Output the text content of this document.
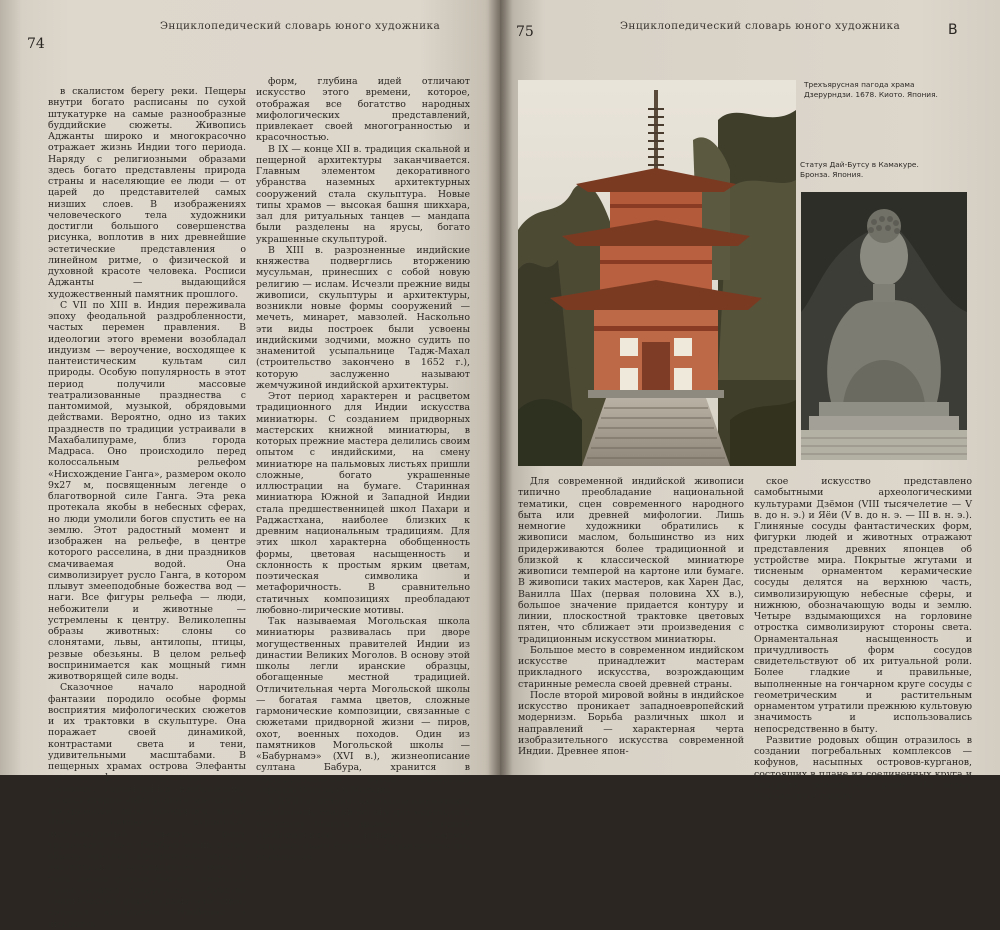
74
Энциклопедический словарь юного художника

в скалистом берегу реки. Пещеры внутри богато расписаны по сухой штукатурке на самые разнообразные буддийские сюжеты. Живопись Аджанты широко и многокрасочно отражает жизнь Индии того периода. Наряду с религиозными образами здесь богато представлены природа страны и населяющие ее люди — от царей до представителей самых низших слоев. В изображениях человеческого тела художники достигли большого совершенства рисунка, воплотив в них древнейшие эстетические представления о линейном ритме, о физической и духовной красоте человека. Росписи Аджанты — выдающийся художественный памятник прошлого.

С VII по XIII в. Индия переживала эпоху феодальной раздробленности, частых перемен правления. В идеологии этого времени возобладал индуизм — вероучение, восходящее к пантеистическим культам сил природы. Особую популярность в этот период получили массовые театрализованные празднества с пантомимой, музыкой, обрядовыми действами. Вероятно, одно из таких празднеств по традиции устраивали в Махабалипураме, близ города Мадраса. Оно происходило перед колоссальным рельефом «Нисхождение Ганга», размером около 9х27 м, посвященным легенде о благотворной силе Ганга. Эта река протекала якобы в небесных сферах, но люди умолили богов спустить ее на землю. Этот радостный момент и изображен на рельефе, в центре которого расселина, в дни праздников смачиваемая водой. Она символизирует русло Ганга, в котором плывут змееподобные божества вод — наги. Все фигуры рельефа — люди, небожители и животные — устремлены к центру. Великолепны образы животных: слоны со слонятами, львы, антилопы, птицы, резвые обезьяны. В целом рельеф воспринимается как мощный гимн животворящей силе воды.

Сказочное начало народной фантазии породило особые формы восприятия мифологических сюжетов и их трактовки в скульптуре. Она поражает своей динамикой, контрастами света и тени, удивительными масштабами. В пещерных храмах острова Элефанты при свете факелов скульптуры словно оживают: горельефные изображения со всех сторон «обступают» зрителя. В центральном зале пещерного храма Шивы находится огромный, шестиметровый высоты бюст трехликого бога. Особую мощь этому образу придают контрастные народы, диагонально пересекающие лицо. В этих жилах словно бьется каменный пульс колосса. Вокруг него — буйство пластических форм, драматизм сцен, сильных контрастов. Изобилие и щедрость

форм, глубина идей отличают искусство этого времени, которое, отображая все богатство народных мифологических представлений, привлекает своей многогранностью и красочностью.

В IX — конце XII в. традиция скальной и пещерной архитектуры заканчивается. Главным элементом декоративного убранства наземных архитектурных сооружений стала скульптура. Новые типы храмов — высокая башня шикхара, зал для ритуальных танцев — мандапа были разделены на ярусы, богато украшенные скульптурой.

В XIII в. разрозненные индийские княжества подверглись вторжению мусульман, принесших с собой новую религию — ислам. Исчезли прежние виды живописи, скульптуры и архитектуры, возникли новые формы сооружений — мечеть, минарет, мавзолей. Наскольно эти виды построек были усвоены индийскими зодчими, можно судить по знаменитой усыпальнице Тадж-Махал (строительство закончено в 1652 г.), которую заслуженно называют жемчужиной индийской архитектуры.

Этот период характерен и расцветом традиционного для Индии искусства миниатюры. С созданием придворных мастерских книжной миниатюры, в которых прежние мастера делились своим опытом с индийскими, на смену миниатюре на пальмовых листьях пришли сложные, богато украшенные иллюстрации на бумаге. Старинная миниатюра Южной и Западной Индии стала предшественницей школ Пахари и Раджастхана, наиболее близких к древним национальным традициям. Для этих школ характерна обобщенность формы, цветовая насыщенность и склонность к простым ярким цветам, поэтическая символика и метафоричность. В сравнительно статичных композициях преобладают любовно-лирические мотивы.

Так называемая Могольская школа миниатюры развивалась при дворе могущественных правителей Индии из династии Великих Моголов. В основу этой школы легли иранские образцы, обогащенные местной традицией. Отличительная черта Могольской школы — богатая гамма цветов, сложные гармонические композиции, связанные с сюжетами придворной жизни — пиров, охот, военных походов. Один из памятников Могольской школы — «Бабурнамэ» (XVI в.), жизнеописание султана Бабура, хранится в Государственном музее искусства народов Востока в Москве.

К XVIII в. различные школы миниатюры сблизились, создав основу для перехода к искусству Нового времени — с новой проблематикой, новыми темами, современными формами художественного выражения.

75	Энциклопедический словарь юного художника	В
Трехъярусная пагода храма Дзерурндзи. 1678. Киото. Япония.
Статуя Дай-Бутсу в Камакуре. Бронза. Япония.

Для современной индийской живописи типично преобладание национальной тематики, сцен современного народного быта или древней мифологии. Лишь немногие художники обратились к живописи маслом, большинство из них придерживаются более традиционной и близкой к классической миниатюре живописи темперой на картоне или бумаге. В живописи таких мастеров, как Харен Дас, Ванилла Шах (первая половина XX в.), большое значение придается контуру и линии, плоскостной трактовке цветовых пятен, что сближает эти произведения с традиционным искусством миниатюры.

Большое место в современном индийском искусстве принадлежит мастерам прикладного искусства, возрождающим старинные ремесла своей древней страны.

После второй мировой войны в индийское искусство проникает западноевропейский модернизм. Борьба различных школ и направлений — характерная черта изобразительного искусства современной Индии. Древнее япон-

ское искусство представлено самобытными археологическими культурами Дзёмон (VIII тысячелетие — V в. до н. э.) и Яёи (V в. до н. э. — III в. н. э.). Глиняные сосуды фантастических форм, фигурки людей и животных отражают представления древних японцев об устройстве мира. Покрытые жгутами и тисненым орнаментом керамические сосуды делятся на верхнюю часть, символизирующую небесные сферы, и нижнюю, обозначающую воды и землю. Четыре вздымающихся на горловине отростка символизируют стороны света. Орнаментальная насыщенность и причудливость форм сосудов свидетельствуют об их ритуальной роли. Более гладкие и правильные, выполненные на гончарном круге сосуды с геометрическим и растительным орнаментом утратили прежнюю культовую значимость и использовались непосредственно в быту.

Развитие родовых общин отразилось в создании погребальных комплексов — кофунов, насыпных островов-курганов, состоящих в плане из соединенных круга и квадрата, обнесенных рвом. По всему периметру и сверху
